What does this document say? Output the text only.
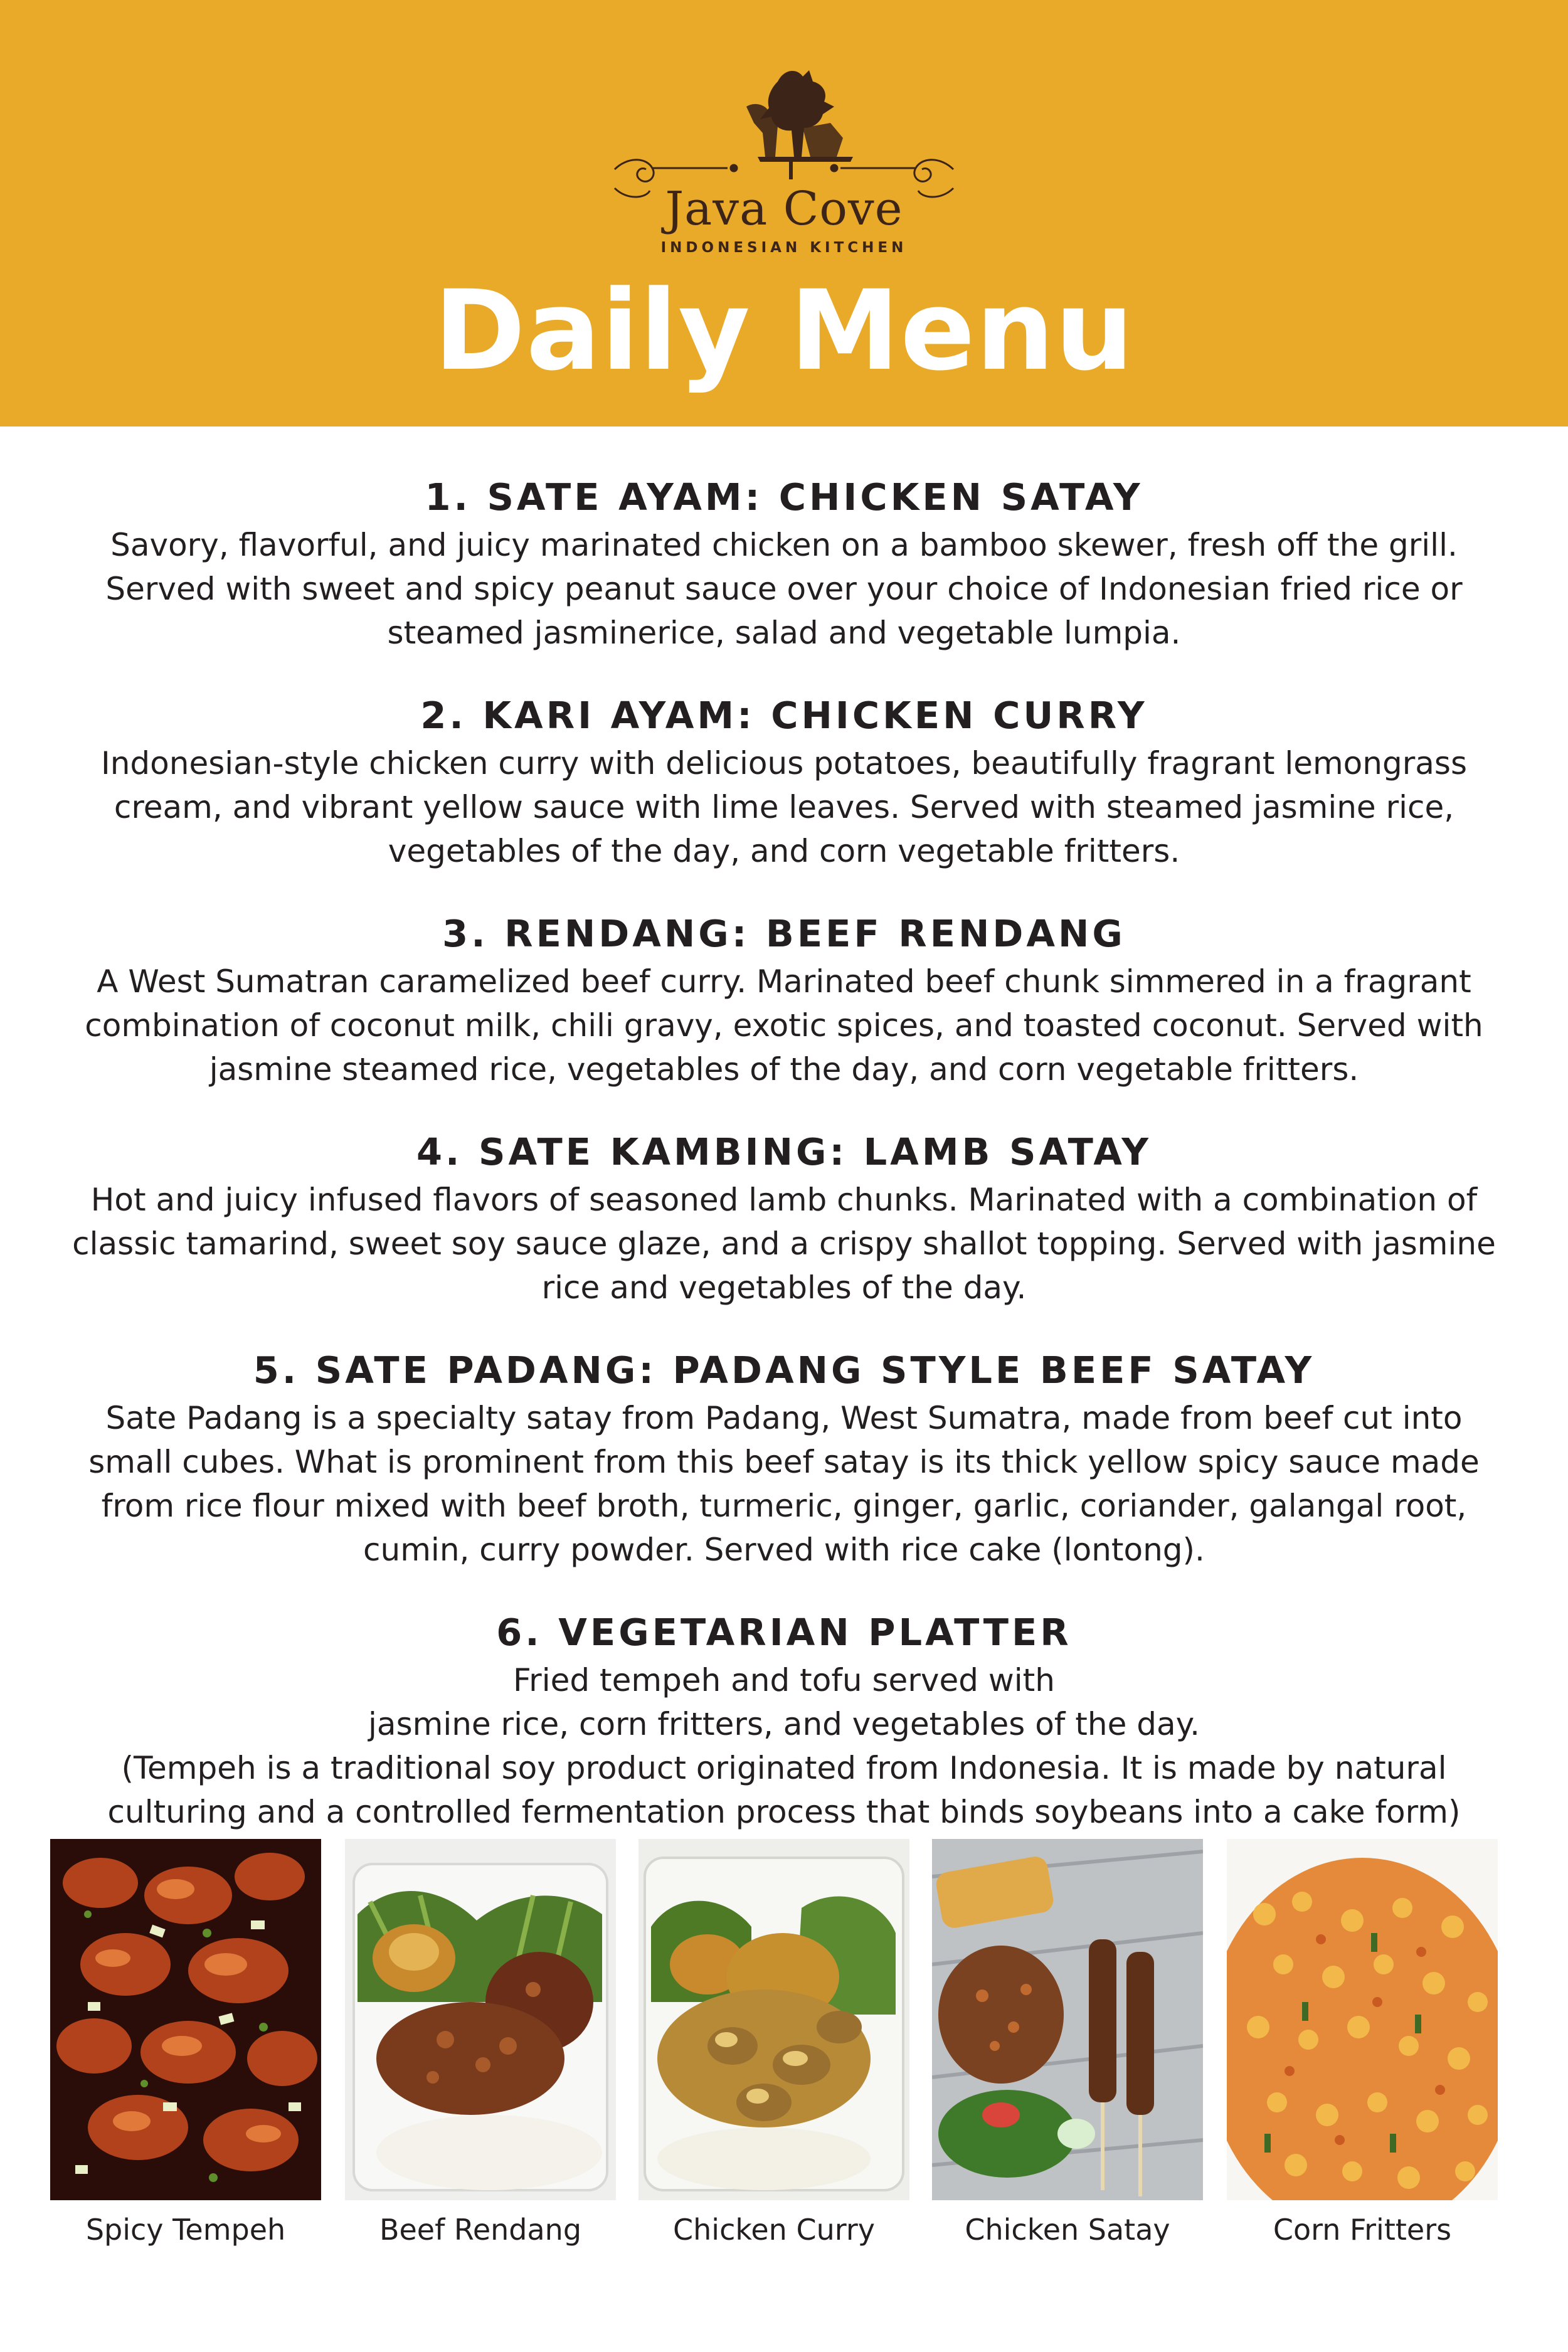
Java Cove
INDONESIAN KITCHEN
Daily Menu
1. SATE AYAM: CHICKEN SATAY
Savory, flavorful, and juicy marinated chicken on a bamboo skewer, fresh off the grill.
Served with sweet and spicy peanut sauce over your choice of Indonesian fried rice or
steamed jasminerice, salad and vegetable lumpia.
2. KARI AYAM: CHICKEN CURRY
Indonesian-style chicken curry with delicious potatoes, beautifully fragrant lemongrass
cream, and vibrant yellow sauce with lime leaves. Served with steamed jasmine rice,
vegetables of the day, and corn vegetable fritters.
3. RENDANG: BEEF RENDANG
A West Sumatran caramelized beef curry. Marinated beef chunk simmered in a fragrant
combination of coconut milk, chili gravy, exotic spices, and toasted coconut. Served with
jasmine steamed rice, vegetables of the day, and corn vegetable fritters.
4. SATE KAMBING: LAMB SATAY
Hot and juicy infused flavors of seasoned lamb chunks. Marinated with a combination of
classic tamarind, sweet soy sauce glaze, and a crispy shallot topping. Served with jasmine
rice and vegetables of the day.
5. SATE PADANG: PADANG STYLE BEEF SATAY
Sate Padang is a specialty satay from Padang, West Sumatra, made from beef cut into
small cubes. What is prominent from this beef satay is its thick yellow spicy sauce made
from rice flour mixed with beef broth, turmeric, ginger, garlic, coriander, galangal root,
cumin, curry powder. Served with rice cake (lontong).
6. VEGETARIAN PLATTER
Fried tempeh and tofu served with
jasmine rice, corn fritters, and vegetables of the day.
(Tempeh is a traditional soy product originated from Indonesia. It is made by natural
culturing and a controlled fermentation process that binds soybeans into a cake form)
Spicy Tempeh	Beef Rendang	Chicken Curry	Chicken Satay	Corn Fritters
